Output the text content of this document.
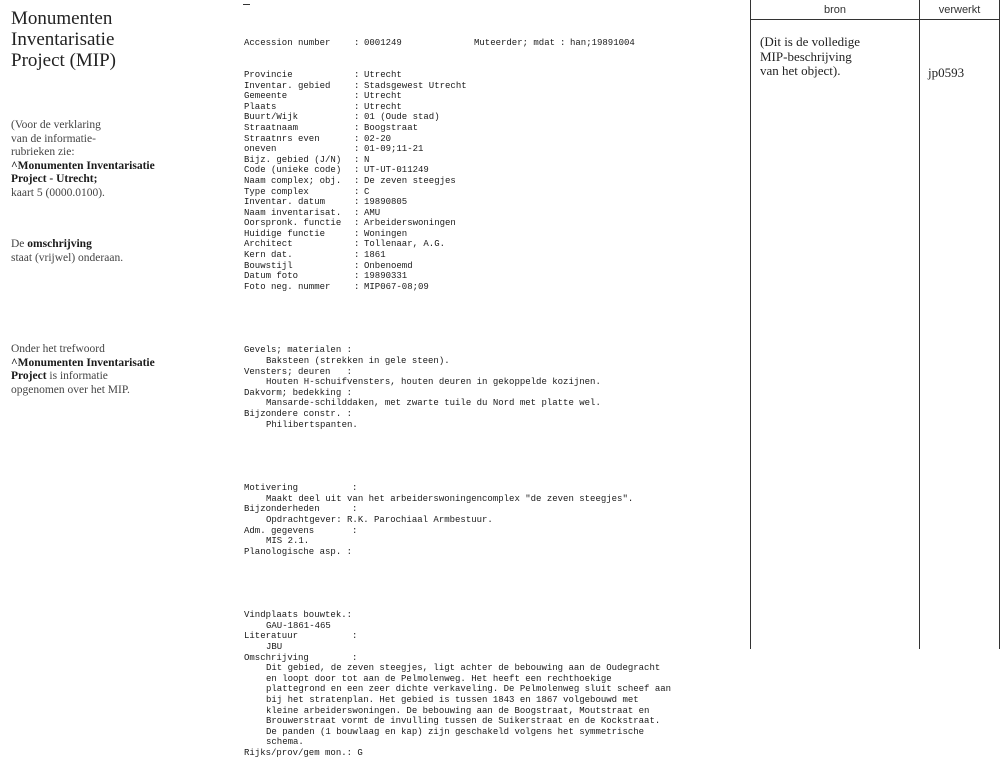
Monumenten
Inventarisatie
Project (MIP)
(Voor de verklaring
van de informatie-
rubrieken zie:
^Monumenten Inventarisatie
Project - Utrecht;
kaart 5 (0000.0100).
De omschrijving
staat (vrijwel) onderaan.
Onder het trefwoord
^Monumenten Inventarisatie
Project is informatie
opgenomen over het MIP.

Accession number	: 0001249	Muteerder; mdat : han;19891004

Provincie	: Utrecht
Inventar. gebied	: Stadsgewest Utrecht
Gemeente	: Utrecht
Plaats	: Utrecht
Buurt/Wijk	: 01 (Oude stad)
Straatnaam	: Boogstraat
Straatnrs even	: 02-20
oneven	: 01-09;11-21
Bijz. gebied (J/N) : N
Code (unieke code) : UT-UT-011249
Naam complex; obj. : De zeven steegjes
Type complex	: C
Inventar. datum	: 19890805
Naam inventarisat. : AMU
Oorspronk. functie : Arbeiderswoningen
Huidige functie	: Woningen
Architect	: Tollenaar, A.G.
Kern dat.	: 1861
Bouwstijl	: Onbenoemd
Datum foto	: 19890331
Foto neg. nummer	: MIP067-08;09

Gevels; materialen :
Baksteen (strekken in gele steen).
Vensters; deuren   :
Houten H-schuifvensters, houten deuren in gekoppelde kozijnen.
Dakvorm; bedekking :
Mansarde-schilddaken, met zwarte tuile du Nord met platte wel.
Bijzondere constr. :
Philibertspanten.

Motivering          :
Maakt deel uit van het arbeiderswoningencomplex "de zeven steegjes".
Bijzonderheden      :
Opdrachtgever: R.K. Parochiaal Armbestuur.
Adm. gegevens       :
MIS 2.1.
Planologische asp. :

Vindplaats bouwtek.:
GAU-1861-465
Literatuur          :
JBU
Omschrijving        :
Dit gebied, de zeven steegjes, ligt achter de bebouwing aan de Oudegracht
en loopt door tot aan de Pelmolenweg. Het heeft een rechthoekige
plattegrond en een zeer dichte verkaveling. De Pelmolenweg sluit scheef aan
bij het stratenplan. Het gebied is tussen 1843 en 1867 volgebouwd met
kleine arbeiderswoningen. De bebouwing aan de Boogstraat, Moutstraat en
Brouwerstraat vormt de invulling tussen de Suikerstraat en de Kockstraat.
De panden (1 bouwlaag en kap) zijn geschakeld volgens het symmetrische
schema.
Rijks/prov/gem mon.: G

bron	verwerkt
(Dit is de volledige
MIP-beschrijving
van het object).	jp0593
